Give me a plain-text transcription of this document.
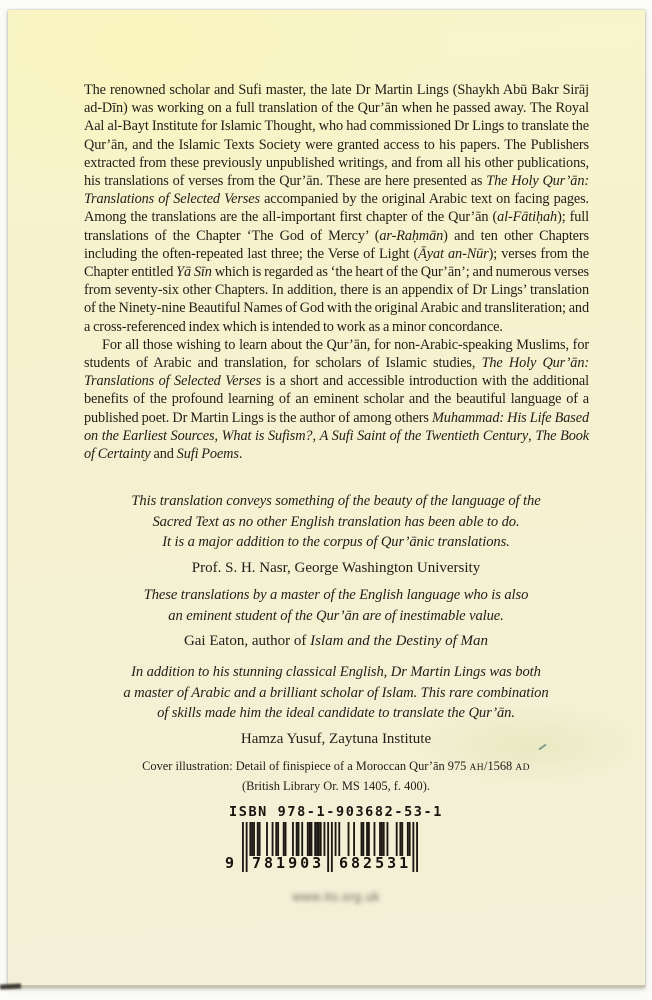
The renowned scholar and Sufi master, the late Dr Martin Lings (Shaykh Abū Bakr Sirāj ad-Dīn) was working on a full translation of the Qur’ān when he passed away. The Royal Aal al-Bayt Institute for Islamic Thought, who had commissioned Dr Lings to translate the Qur’ān, and the Islamic Texts Society were granted access to his papers. The Publishers extracted from these previously unpublished writings, and from all his other publications, his translations of verses from the Qur’ān. These are here presented as The Holy Qur’ān: Translations of Selected Verses accompanied by the original Arabic text on facing pages. Among the translations are the all-important first chapter of the Qur’ān (al-Fātiḥah); full translations of the Chapter ‘The God of Mercy’ (ar-Raḥmān) and ten other Chapters including the often-repeated last three; the Verse of Light (Āyat an-Nūr); verses from the Chapter entitled Yā Sīn which is regarded as ‘the heart of the Qur’ān’; and numerous verses from seventy-six other Chapters. In addition, there is an appendix of Dr Lings’ translation of the Ninety-nine Beautiful Names of God with the original Arabic and transliteration; and a cross-referenced index which is intended to work as a minor concordance.

For all those wishing to learn about the Qur’ān, for non-Arabic-speaking Muslims, for students of Arabic and translation, for scholars of Islamic studies, The Holy Qur’ān: Translations of Selected Verses is a short and accessible introduction with the additional benefits of the profound learning of an eminent scholar and the beautiful language of a published poet. Dr Martin Lings is the author of among others Muhammad: His Life Based on the Earliest Sources, What is Sufism?, A Sufi Saint of the Twentieth Century, The Book of Certainty and Sufi Poems.

This translation conveys something of the beauty of the language of the
Sacred Text as no other English translation has been able to do.
It is a major addition to the corpus of Qur’ānic translations.
Prof. S. H. Nasr, George Washington University
These translations by a master of the English language who is also
an eminent student of the Qur’ān are of inestimable value.
Gai Eaton, author of Islam and the Destiny of Man
In addition to his stunning classical English, Dr Martin Lings was both
a master of Arabic and a brilliant scholar of Islam. This rare combination
of skills made him the ideal candidate to translate the Qur’ān.
Hamza Yusuf, Zaytuna Institute
Cover illustration: Detail of finispiece of a Moroccan Qur’ān 975 AH/1568 AD
(British Library Or. MS 1405, f. 400).
ISBN 978-1-903682-53-1
9 781903 682531
www.its.org.uk
